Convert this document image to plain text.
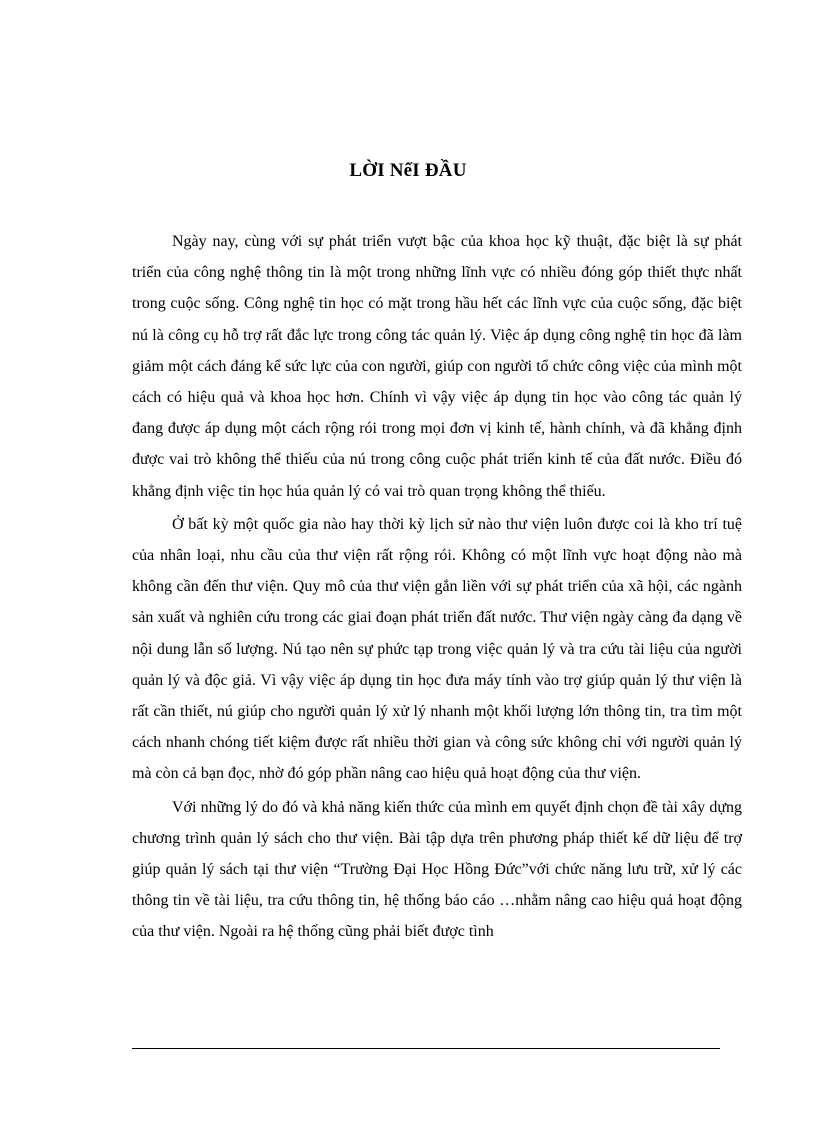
LỜI NểI ĐẦU

Ngày nay, cùng với sự phát triển vượt bậc của khoa học kỹ thuật, đặc biệt là sự phát triển của công nghệ thông tin là một trong những lĩnh vực có nhiều đóng góp thiết thực nhất trong cuộc sống. Công nghệ tin học có mặt trong hầu hết các lĩnh vực của cuộc sống, đặc biệt nú là công cụ hỗ trợ rất đắc lực trong công tác quản lý. Việc áp dụng công nghệ tin học đã làm giảm một cách đáng kể sức lực của con người, giúp con người tổ chức công việc của mình một cách có hiệu quả và khoa học hơn. Chính vì vậy việc áp dụng tin học vào công tác quản lý đang được áp dụng một cách rộng rói trong mọi đơn vị kinh tế, hành chính, và đã khẳng định được vai trò không thể thiếu của nú trong công cuộc phát triển kinh tế của đất nước. Điều đó khẳng định việc tin học húa quản lý có vai trò quan trọng không thể thiếu.

Ở bất kỳ một quốc gia nào hay thời kỳ lịch sử nào thư viện luôn được coi là kho trí tuệ của nhân loại, nhu cầu của thư viện rất rộng rói. Không có một lĩnh vực hoạt động nào mà không cần đến thư viện. Quy mô của thư viện gắn liền với sự phát triển của xã hội, các ngành sản xuất và nghiên cứu trong các giai đoạn phát triển đất nước. Thư viện ngày càng đa dạng về nội dung lẫn số lượng. Nú tạo nên sự phức tạp trong việc quản lý và tra cứu tài liệu của người quản lý và độc giả. Vì vậy việc áp dụng tin học đưa máy tính vào trợ giúp quản lý thư viện là rất cần thiết, nú giúp cho người quản lý xử lý nhanh một khối lượng lớn thông tin, tra tìm một cách nhanh chóng tiết kiệm được rất nhiều thời gian và công sức không chỉ với người quản lý mà còn cả bạn đọc, nhờ đó góp phần nâng cao hiệu quả hoạt động của thư viện.

Với những lý do đó và khả năng kiến thức của mình em quyết định chọn đề tài xây dựng chương trình quản lý sách cho thư viện. Bài tập dựa trên phương pháp thiết kế dữ liệu để trợ giúp quản lý sách tại thư viện “Trường Đại Học Hồng Đức”với chức năng lưu trữ, xử lý các thông tin về tài liệu, tra cứu thông tin, hệ thống báo cáo …nhằm nâng cao hiệu quả hoạt động của thư viện. Ngoài ra hệ thống cũng phải biết được tình
